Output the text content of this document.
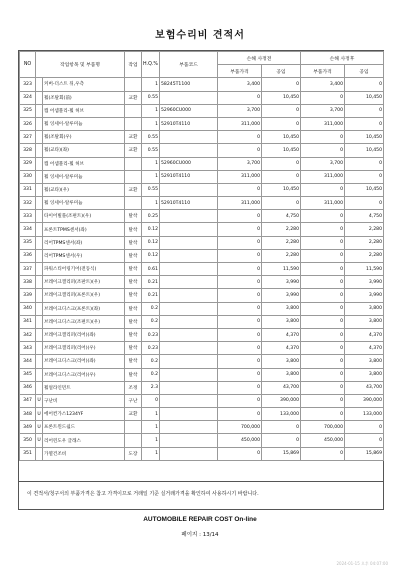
보험수리비 견적서
NO	작업항목 및 부품명		작업	H.Q.%	부품코드	손해 사정전		손해 사정후	
						부품가격	공임	부품가격	공임
323		커버-더스트 뒤,우측		1	58245T1100	3,400	0	3,400	0
324		휠(조탈회(前)	교환	0.55		0	10,450	0	10,450
325		캡 어셈블리-휠 허브		1	52960CU000	3,700	0	3,700	0
326		휠 잉세이-알루미늄		1	52910T4110	311,000	0	311,000	0
327		휠(조탈회(우)	교환	0.55		0	10,450	0	10,450
328		휠(교타)(좌)	교환	0.55		0	10,450	0	10,450
329		캡 어셈블리-휠 허브		1	52960CU000	3,700	0	3,700	0
330		휠 잉세이-알루미늄		1	52910T4110	311,000	0	311,000	0
331		휠(교타)(우)	교환	0.55		0	10,450	0	10,450
332		휠 잉세이-알루미늄		1	52910T4110	311,000	0	311,000	0
333		타이어빌플(조편트)(우)	탈착	0.25		0	4,750	0	4,750
334		프론트TPMS센서(좌)	탈착	0.12		0	2,280	0	2,280
335		리어TPMS센서(좌)	탈착	0.12		0	2,280	0	2,280
336		리어TPMS센서(우)	탈착	0.12		0	2,280	0	2,280
337		파워스티어링기어(전동식)	탈착	0.61		0	11,590	0	11,590
338		브레이크캘리퍼(조판트)(우)	탈착	0.21		0	3,990	0	3,990
339		브레이크캘리퍼(프론트)(우)	탈착	0.21		0	3,990	0	3,990
340		브레이크디스크(프론트)(좌)	탈착	0.2		0	3,800	0	3,800
341		브레이크디스크(조편트)(우)	탈착	0.2		0	3,800	0	3,800
342		브레이크캘리퍼(리어)(좌)	탈착	0.23		0	4,370	0	4,370
343		브레이크캘리퍼(리어)(우)	탈착	0.23		0	4,370	0	4,370
344		브레이크디스크(리어)(좌)	탈착	0.2		0	3,800	0	3,800
345		브레이크디스크(리어)(우)	탈착	0.2		0	3,800	0	3,800
346		휠얼라인먼트	조정	2.3		0	43,700	0	43,700
347	U	구난비	구난	0		0	390,000	0	390,000
348	U	에어컨가스1234YF	교환	1		0	133,000	0	133,000
349	U	프론트윈드쉴드		1		700,000	0	700,000	0
350	U	리어윈도우 글래스		1		450,000	0	450,000	0
351		가열건조비	도장	1		0	15,869	0	15,869
이 견적서/청구서의 부품가격은 참고 가격이므로 거래일 기준 실거래가격을 확인하여 사용하시기 바랍니다.
AUTOMOBILE REPAIR COST On-line
페이지 : 13/14
2024-01-15 오후 04:07:00
